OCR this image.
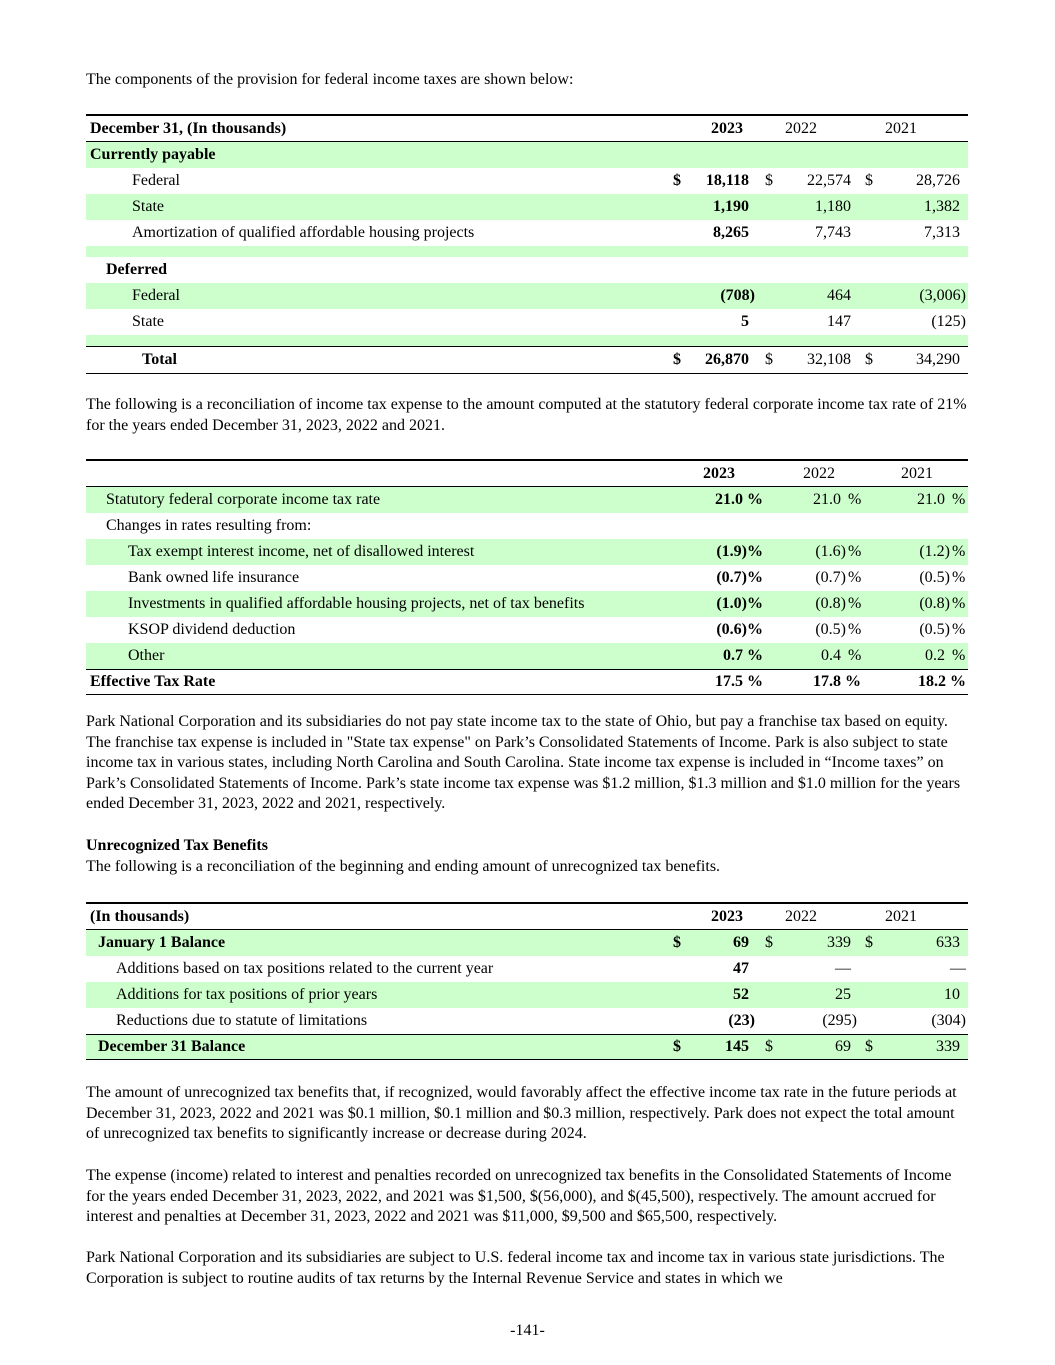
The components of the provision for federal income taxes are shown below:

December 31, (In thousands)		2023		2022		2021
Currently payable						
Federal	$	18,118	$	22,574	$	28,726
State		1,190		1,180		1,382
Amortization of qualified affordable housing projects		8,265		7,743		7,313

Deferred						
Federal		(708)		464		(3,006)
State		5		147		(125)

Total	$	26,870	$	32,108	$	34,290

The following is a reconciliation of income tax expense to the amount computed at the statutory federal corporate income tax rate of 21% for the years ended December 31, 2023, 2022 and 2021.

	2023	2022	2021
Statutory federal corporate income tax rate	21.0 %	21.0 %	21.0 %
Changes in rates resulting from:			
Tax exempt interest income, net of disallowed interest	(1.9)%	(1.6) %	(1.2) %
Bank owned life insurance	(0.7)%	(0.7) %	(0.5) %
Investments in qualified affordable housing projects, net of tax benefits	(1.0)%	(0.8) %	(0.8) %
KSOP dividend deduction	(0.6)%	(0.5) %	(0.5) %
Other	0.7 %	0.4 %	0.2 %
Effective Tax Rate	17.5 %	17.8 %	18.2 %

Park National Corporation and its subsidiaries do not pay state income tax to the state of Ohio, but pay a franchise tax based on equity. The franchise tax expense is included in "State tax expense" on Park’s Consolidated Statements of Income. Park is also subject to state income tax in various states, including North Carolina and South Carolina. State income tax expense is included in “Income taxes” on Park’s Consolidated Statements of Income. Park’s state income tax expense was $1.2 million, $1.3 million and $1.0 million for the years ended December 31, 2023, 2022 and 2021, respectively.

Unrecognized Tax Benefits

The following is a reconciliation of the beginning and ending amount of unrecognized tax benefits.

(In thousands)		2023		2022		2021
January 1 Balance	$	69	$	339	$	633
Additions based on tax positions related to the current year		47		—		—
Additions for tax positions of prior years		52		25		10
Reductions due to statute of limitations		(23)		(295)		(304)
December 31 Balance	$	145	$	69	$	339

The amount of unrecognized tax benefits that, if recognized, would favorably affect the effective income tax rate in the future periods at December 31, 2023, 2022 and 2021 was $0.1 million, $0.1 million and $0.3 million, respectively. Park does not expect the total amount of unrecognized tax benefits to significantly increase or decrease during 2024.

The expense (income) related to interest and penalties recorded on unrecognized tax benefits in the Consolidated Statements of Income for the years ended December 31, 2023, 2022, and 2021 was $1,500, $(56,000), and $(45,500), respectively. The amount accrued for interest and penalties at December 31, 2023, 2022 and 2021 was $11,000, $9,500 and $65,500, respectively.

Park National Corporation and its subsidiaries are subject to U.S. federal income tax and income tax in various state jurisdictions. The Corporation is subject to routine audits of tax returns by the Internal Revenue Service and states in which we

-141-
